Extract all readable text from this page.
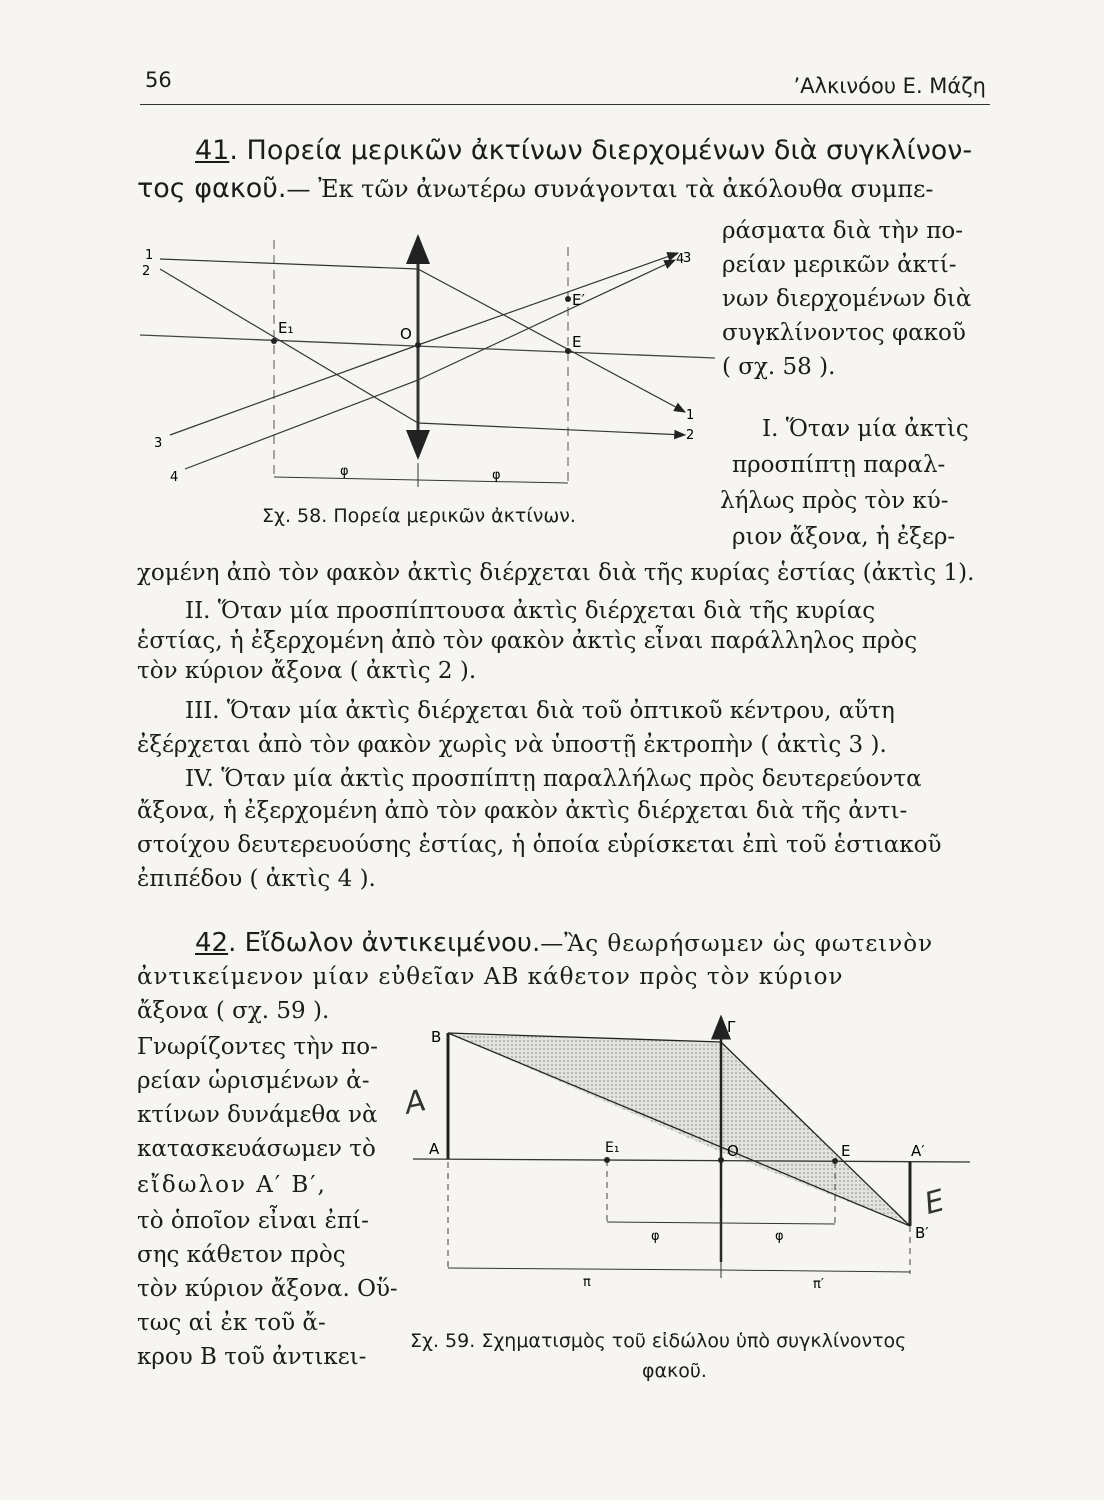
56	’Αλκινόου Ε. Μάζη
41. Πορεία μερικῶν ἀκτίνων διερχομένων διὰ συγκλίνον-
τος φακοῦ.— Ἐκ τῶν ἀνωτέρω συνάγονται τὰ ἀκόλουθα συμπε-
ράσματα διὰ τὴν πο-
ρείαν μερικῶν ἀκτί-
νων διερχομένων διὰ
συγκλίνοντος φακοῦ
( σχ. 58 ).
I. Ὅταν μία ἀκτὶς
προσπίπτῃ παραλ-
λήλως πρὸς τὸν κύ-
ριον ἄξονα, ἡ ἐξερ-
χομένη ἀπὸ τὸν φακὸν ἀκτὶς διέρχεται διὰ τῆς κυρίας ἑστίας (ἀκτὶς 1).
II. Ὅταν μία προσπίπτουσα ἀκτὶς διέρχεται διὰ τῆς κυρίας
ἑστίας, ἡ ἐξερχομένη ἀπὸ τὸν φακὸν ἀκτὶς εἶναι παράλληλος πρὸς
τὸν κύριον ἄξονα ( ἀκτὶς 2 ).
III. Ὅταν μία ἀκτὶς διέρχεται διὰ τοῦ ὀπτικοῦ κέντρου, αὕτη
ἐξέρχεται ἀπὸ τὸν φακὸν χωρὶς νὰ ὑποστῇ ἐκτροπὴν ( ἀκτὶς 3 ).
IV. Ὅταν μία ἀκτὶς προσπίπτῃ παραλλήλως πρὸς δευτερεύοντα
ἄξονα, ἡ ἐξερχομένη ἀπὸ τὸν φακὸν ἀκτὶς διέρχεται διὰ τῆς ἀντι-
στοίχου δευτερευούσης ἑστίας, ἡ ὁποία εὑρίσκεται ἐπὶ τοῦ ἑστιακοῦ
ἐπιπέδου ( ἀκτὶς 4 ).
1
2
3
4
4
3
1
2
E₁	O	E
E′
φ	φ
Σχ. 58. Πορεία μερικῶν ἀκτίνων.
42. Εἴδωλον ἀντικειμένου.—Ἂς θεωρήσωμεν ὡς φωτεινὸν
ἀντικείμενον μίαν εὐθεῖαν ΑΒ κάθετον πρὸς τὸν κύριον
ἄξονα ( σχ. 59 ).
Γνωρίζοντες τὴν πο-
ρείαν ὡρισμένων ἀ-
κτίνων δυνάμεθα νὰ
κατασκευάσωμεν τὸ
εἴδωλον Α′ Β′,
τὸ ὁποῖον εἶναι ἐπί-
σης κάθετον πρὸς
τὸν κύριον ἄξονα. Οὕ-
τως αἱ ἐκ τοῦ ἄ-
κρου Β τοῦ ἀντικει-
B
Γ
A	E₁	O	E	A′
B′
φ	φ
π	π′
A
E
Σχ. 59. Σχηματισμὸς τοῦ εἰδώλου ὑπὸ συγκλίνοντος
φακοῦ.
